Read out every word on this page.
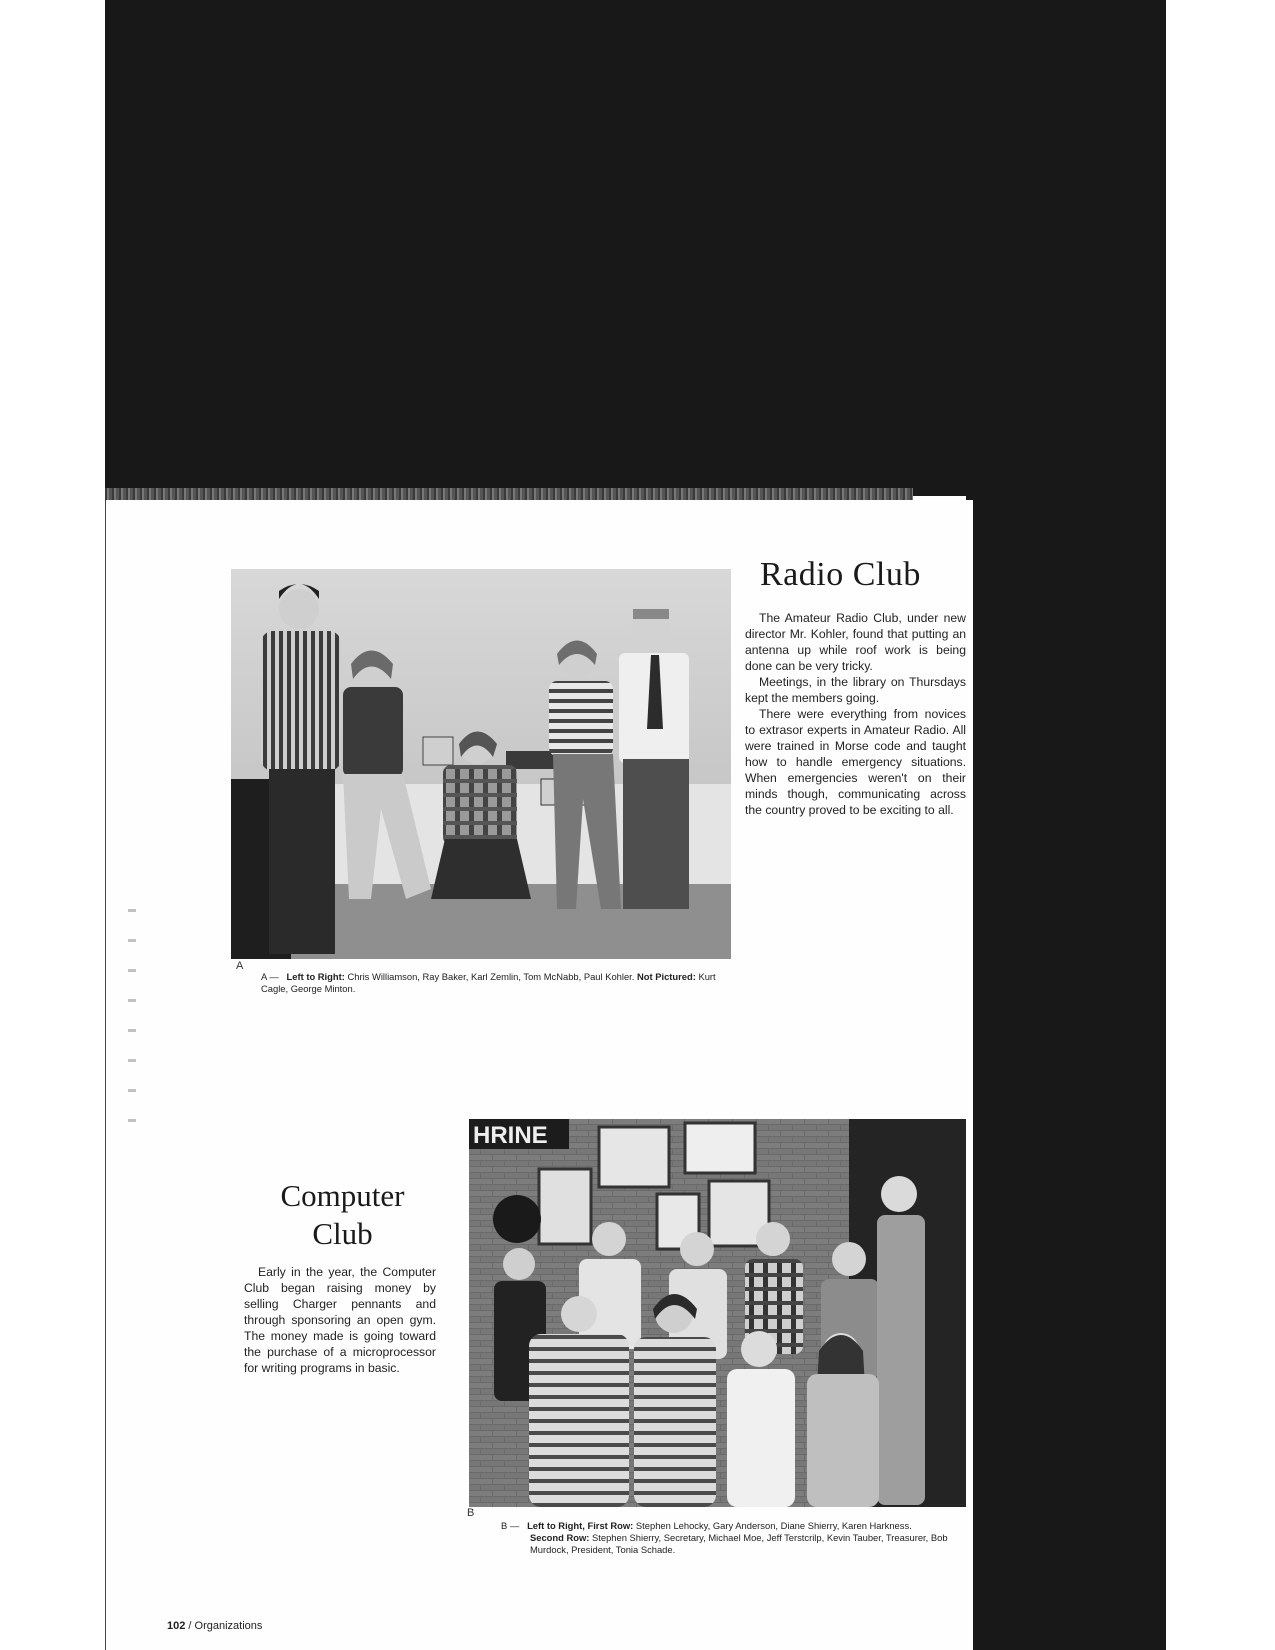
Radio Club

The Amateur Radio Club, under new director Mr. Kohler, found that putting an antenna up while roof work is being done can be very tricky.

Meetings, in the library on Thursdays kept the members going.

There were everything from novices to extrasor experts in Amateur Radio. All were trained in Morse code and taught how to handle emergency situations. When emergencies weren't on their minds though, communicating across the country proved to be exciting to all.

A
A — Left to Right: Chris Williamson, Ray Baker, Karl Zemlin, Tom McNabb, Paul Kohler. Not Pictured: Kurt Cagle, George Minton.
Computer Club

Early in the year, the Computer Club began raising money by selling Charger pennants and through sponsoring an open gym. The money made is going toward the purchase of a microprocessor for writing programs in basic.

HRINE
B
B — Left to Right, First Row: Stephen Lehocky, Gary Anderson, Diane Shierry, Karen Harkness.
Second Row: Stephen Shierry, Secretary, Michael Moe, Jeff Terstcrilp, Kevin Tauber, Treasurer, Bob Murdock, President, Tonia Schade.
102 / Organizations
